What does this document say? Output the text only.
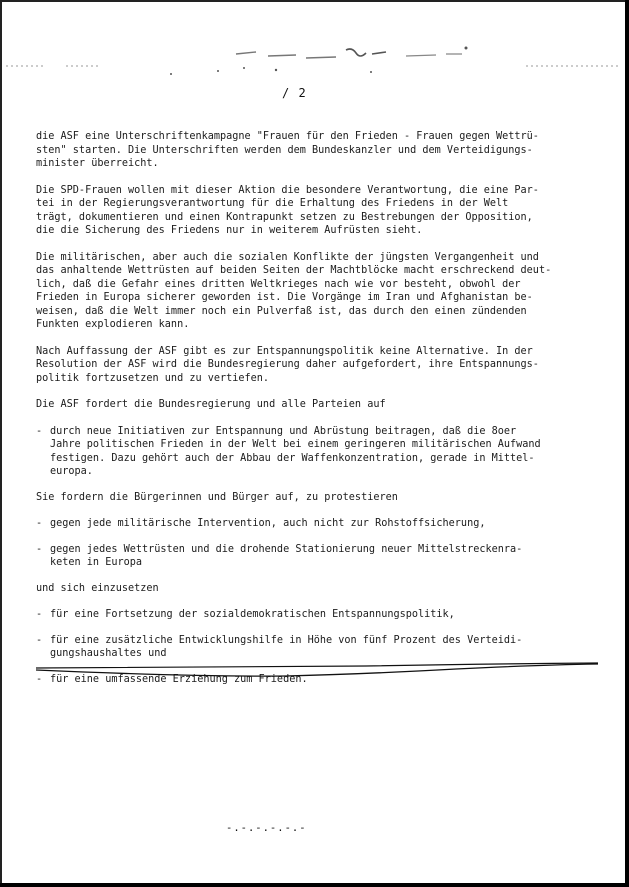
/ 2

die ASF eine Unterschriftenkampagne "Frauen für den Frieden - Frauen gegen Wettrü-
sten" starten. Die Unterschriften werden dem Bundeskanzler und dem Verteidigungs-
minister überreicht.

Die SPD-Frauen wollen mit dieser Aktion die besondere Verantwortung, die eine Par-
tei in der Regierungsverantwortung für die Erhaltung des Friedens in der Welt
trägt, dokumentieren und einen Kontrapunkt setzen zu Bestrebungen der Opposition,
die die Sicherung des Friedens nur in weiterem Aufrüsten sieht.

Die militärischen, aber auch die sozialen Konflikte der jüngsten Vergangenheit und
das anhaltende Wettrüsten auf beiden Seiten der Machtblöcke macht erschreckend deut-
lich, daß die Gefahr eines dritten Weltkrieges nach wie vor besteht, obwohl der
Frieden in Europa sicherer geworden ist. Die Vorgänge im Iran und Afghanistan be-
weisen, daß die Welt immer noch ein Pulverfaß ist, das durch den einen zündenden
Funkten explodieren kann.

Nach Auffassung der ASF gibt es zur Entspannungspolitik keine Alternative. In der
Resolution der ASF wird die Bundesregierung daher aufgefordert, ihre Entspannungs-
politik fortzusetzen und zu vertiefen.

Die ASF fordert die Bundesregierung und alle Parteien auf

- durch neue Initiativen zur Entspannung und Abrüstung beitragen, daß die 8oer
Jahre politischen Frieden in der Welt bei einem geringeren militärischen Aufwand
festigen. Dazu gehört auch der Abbau der Waffenkonzentration, gerade in Mittel-
europa.

Sie fordern die Bürgerinnen und Bürger auf, zu protestieren

- gegen jede militärische Intervention, auch nicht zur Rohstoffsicherung,
- gegen jedes Wettrüsten und die drohende Stationierung neuer Mittelstreckenra-
keten in Europa

und sich einzusetzen

- für eine Fortsetzung der sozialdemokratischen Entspannungspolitik,
- für eine zusätzliche Entwicklungshilfe in Höhe von fünf Prozent des Verteidi-
gungshaushaltes und
- für eine umfassende Erziehung zum Frieden.
-.-.-.-.-.-
